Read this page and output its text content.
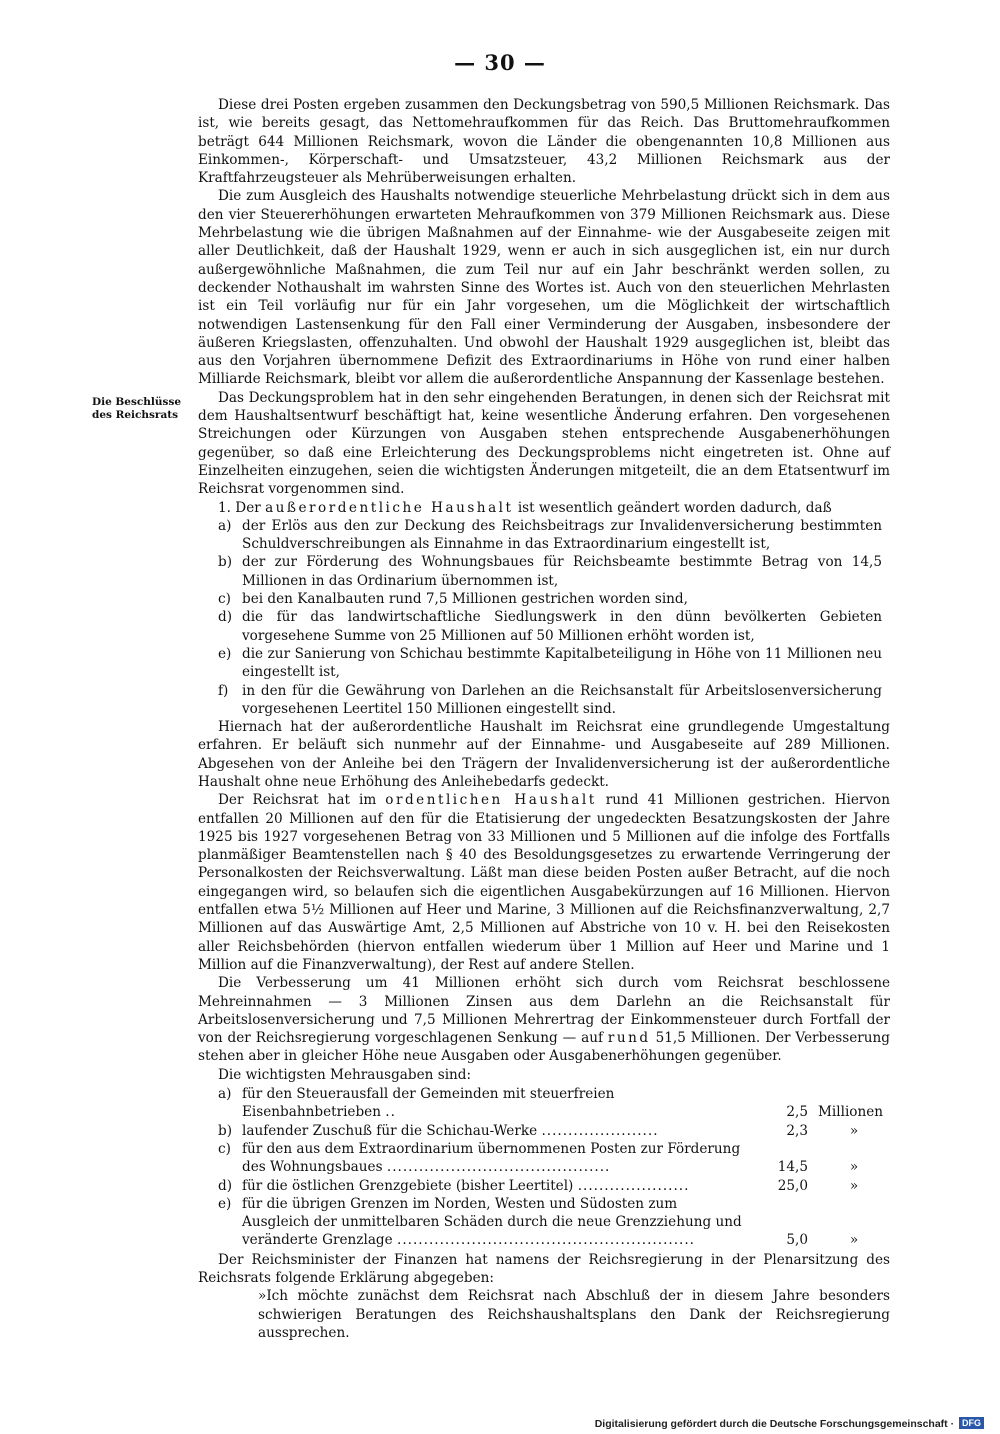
— 30 —
Die Beschlüsse des Reichsrats

Diese drei Posten ergeben zusammen den Deckungsbetrag von 590,5 Millionen Reichsmark. Das ist, wie bereits gesagt, das Nettomehraufkommen für das Reich. Das Bruttomehraufkommen beträgt 644 Millionen Reichsmark, wovon die Länder die obengenannten 10,8 Millionen aus Einkommen-, Körperschaft- und Umsatzsteuer, 43,2 Millionen Reichsmark aus der Kraftfahrzeugsteuer als Mehrüberweisungen erhalten.

Die zum Ausgleich des Haushalts notwendige steuerliche Mehrbelastung drückt sich in dem aus den vier Steuererhöhungen erwarteten Mehraufkommen von 379 Millionen Reichsmark aus. Diese Mehrbelastung wie die übrigen Maßnahmen auf der Einnahme- wie der Ausgabeseite zeigen mit aller Deutlichkeit, daß der Haushalt 1929, wenn er auch in sich ausgeglichen ist, ein nur durch außergewöhnliche Maßnahmen, die zum Teil nur auf ein Jahr beschränkt werden sollen, zu deckender Nothaushalt im wahrsten Sinne des Wortes ist. Auch von den steuerlichen Mehrlasten ist ein Teil vorläufig nur für ein Jahr vorgesehen, um die Möglichkeit der wirtschaftlich notwendigen Lastensenkung für den Fall einer Verminderung der Ausgaben, insbesondere der äußeren Kriegslasten, offenzuhalten. Und obwohl der Haushalt 1929 ausgeglichen ist, bleibt das aus den Vorjahren übernommene Defizit des Extraordinariums in Höhe von rund einer halben Milliarde Reichsmark, bleibt vor allem die außerordentliche Anspannung der Kassenlage bestehen.

Das Deckungsproblem hat in den sehr eingehenden Beratungen, in denen sich der Reichsrat mit dem Haushaltsentwurf beschäftigt hat, keine wesentliche Änderung erfahren. Den vorgesehenen Streichungen oder Kürzungen von Ausgaben stehen entsprechende Ausgabenerhöhungen gegenüber, so daß eine Erleichterung des Deckungsproblems nicht eingetreten ist. Ohne auf Einzelheiten einzugehen, seien die wichtigsten Änderungen mitgeteilt, die an dem Etatsentwurf im Reichsrat vorgenommen sind.

1. Der außerordentliche Haushalt ist wesentlich geändert worden dadurch, daß

a) der Erlös aus den zur Deckung des Reichsbeitrags zur Invalidenversicherung bestimmten Schuldverschreibungen als Einnahme in das Extraordinarium eingestellt ist,
b) der zur Förderung des Wohnungsbaues für Reichsbeamte bestimmte Betrag von 14,5 Millionen in das Ordinarium übernommen ist,
c) bei den Kanalbauten rund 7,5 Millionen gestrichen worden sind,
d) die für das landwirtschaftliche Siedlungswerk in den dünn bevölkerten Gebieten vorgesehene Summe von 25 Millionen auf 50 Millionen erhöht worden ist,
e) die zur Sanierung von Schichau bestimmte Kapitalbeteiligung in Höhe von 11 Millionen neu eingestellt ist,
f) in den für die Gewährung von Darlehen an die Reichsanstalt für Arbeitslosenversicherung vorgesehenen Leertitel 150 Millionen eingestellt sind.

Hiernach hat der außerordentliche Haushalt im Reichsrat eine grundlegende Umgestaltung erfahren. Er beläuft sich nunmehr auf der Einnahme- und Ausgabeseite auf 289 Millionen. Abgesehen von der Anleihe bei den Trägern der Invalidenversicherung ist der außerordentliche Haushalt ohne neue Erhöhung des Anleihebedarfs gedeckt.

Der Reichsrat hat im ordentlichen Haushalt rund 41 Millionen gestrichen. Hiervon entfallen 20 Millionen auf den für die Etatisierung der ungedeckten Besatzungskosten der Jahre 1925 bis 1927 vorgesehenen Betrag von 33 Millionen und 5 Millionen auf die infolge des Fortfalls planmäßiger Beamtenstellen nach § 40 des Besoldungsgesetzes zu erwartende Verringerung der Personalkosten der Reichsverwaltung. Läßt man diese beiden Posten außer Betracht, auf die noch eingegangen wird, so belaufen sich die eigentlichen Ausgabekürzungen auf 16 Millionen. Hiervon entfallen etwa 5½ Millionen auf Heer und Marine, 3 Millionen auf die Reichsfinanzverwaltung, 2,7 Millionen auf das Auswärtige Amt, 2,5 Millionen auf Abstriche von 10 v. H. bei den Reisekosten aller Reichsbehörden (hiervon entfallen wiederum über 1 Million auf Heer und Marine und 1 Million auf die Finanzverwaltung), der Rest auf andere Stellen.

Die Verbesserung um 41 Millionen erhöht sich durch vom Reichsrat beschlossene Mehreinnahmen — 3 Millionen Zinsen aus dem Darlehn an die Reichsanstalt für Arbeitslosenversicherung und 7,5 Millionen Mehrertrag der Einkommensteuer durch Fortfall der von der Reichsregierung vorgeschlagenen Senkung — auf rund 51,5 Millionen. Der Verbesserung stehen aber in gleicher Höhe neue Ausgaben oder Ausgabenerhöhungen gegenüber.

Die wichtigsten Mehrausgaben sind:

a)	für den Steuerausfall der Gemeinden mit steuerfreien Eisenbahnbetrieben ..	2,5	Millionen
b)	laufender Zuschuß für die Schichau-Werke ......................	2,3	»
c)	für den aus dem Extraordinarium übernommenen Posten zur Förderung des Wohnungsbaues ..........................................	14,5	»
d)	für die östlichen Grenzgebiete (bisher Leertitel) .....................	25,0	»
e)	für die übrigen Grenzen im Norden, Westen und Südosten zum Ausgleich der unmittelbaren Schäden durch die neue Grenzziehung und veränderte Grenzlage ........................................................	5,0	»

Der Reichsminister der Finanzen hat namens der Reichsregierung in der Plenarsitzung des Reichsrats folgende Erklärung abgegeben:

»Ich möchte zunächst dem Reichsrat nach Abschluß der in diesem Jahre besonders schwierigen Beratungen des Reichshaushaltsplans den Dank der Reichsregierung aussprechen.

Digitalisierung gefördert durch die Deutsche Forschungsgemeinschaft · DFG
